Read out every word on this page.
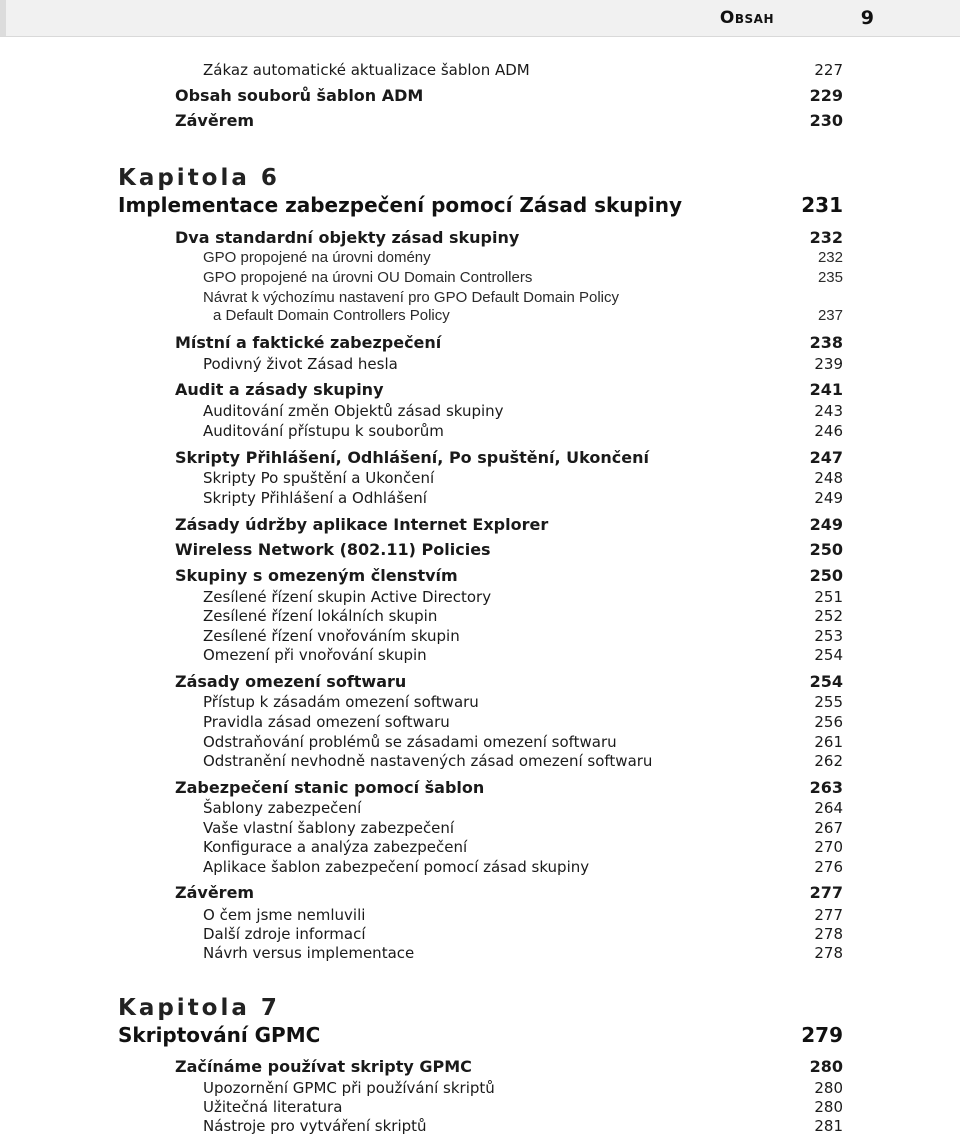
Obsah	9
Zákaz automatické aktualizace šablon ADM	227
Obsah souborů šablon ADM	229
Závěrem	230
Kapitola 6
Implementace zabezpečení pomocí Zásad skupiny	231
Dva standardní objekty zásad skupiny	232
GPO propojené na úrovni domény	232
GPO propojené na úrovni OU Domain Controllers	235
Návrat k výchozímu nastavení pro GPO Default Domain Policy
a Default Domain Controllers Policy	237
Místní a faktické zabezpečení	238
Podivný život Zásad hesla	239
Audit a zásady skupiny	241
Auditování změn Objektů zásad skupiny	243
Auditování přístupu k souborům	246
Skripty Přihlášení, Odhlášení, Po spuštění, Ukončení	247
Skripty Po spuštění a Ukončení	248
Skripty Přihlášení a Odhlášení	249
Zásady údržby aplikace Internet Explorer	249
Wireless Network (802.11) Policies	250
Skupiny s omezeným členstvím	250
Zesílené řízení skupin Active Directory	251
Zesílené řízení lokálních skupin	252
Zesílené řízení vnořováním skupin	253
Omezení při vnořování skupin	254
Zásady omezení softwaru	254
Přístup k zásadám omezení softwaru	255
Pravidla zásad omezení softwaru	256
Odstraňování problémů se zásadami omezení softwaru	261
Odstranění nevhodně nastavených zásad omezení softwaru	262
Zabezpečení stanic pomocí šablon	263
Šablony zabezpečení	264
Vaše vlastní šablony zabezpečení	267
Konfigurace a analýza zabezpečení	270
Aplikace šablon zabezpečení pomocí zásad skupiny	276
Závěrem	277
O čem jsme nemluvili	277
Další zdroje informací	278
Návrh versus implementace	278
Kapitola 7
Skriptování GPMC	279
Začínáme používat skripty GPMC	280
Upozornění GPMC při používání skriptů	280
Užitečná literatura	280
Nástroje pro vytváření skriptů	281
